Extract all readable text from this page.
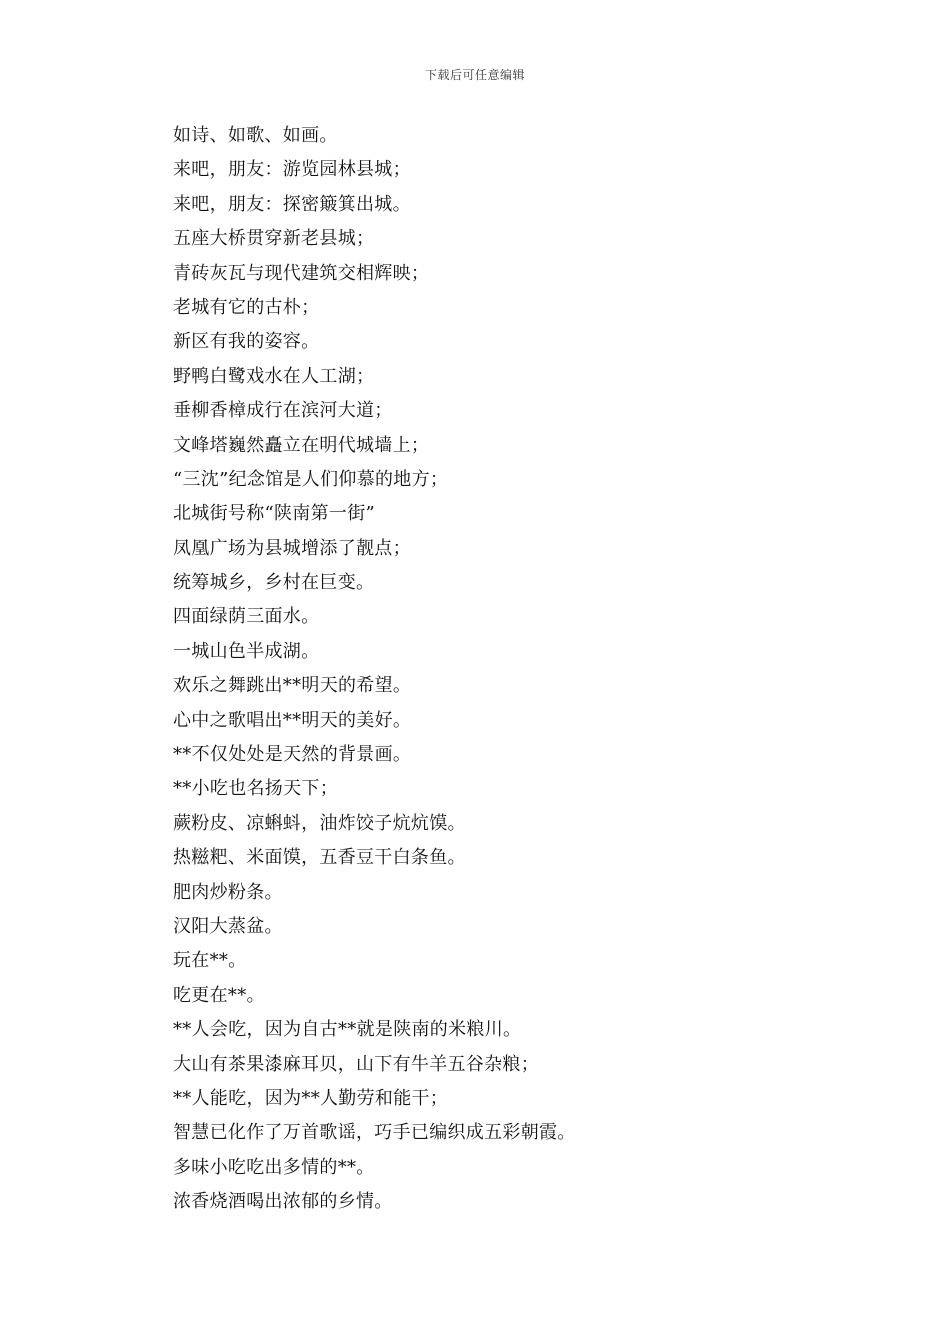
下载后可任意编辑
如诗、如歌、如画。
来吧，朋友：游览园林县城；
来吧，朋友：探密簸箕出城。
五座大桥贯穿新老县城；
青砖灰瓦与现代建筑交相辉映；
老城有它的古朴；
新区有我的姿容。
野鸭白鹭戏水在人工湖；
垂柳香樟成行在滨河大道；
文峰塔巍然矗立在明代城墙上；
“三沈”纪念馆是人们仰慕的地方；
北城街号称“陕南第一街”
凤凰广场为县城增添了靓点；
统筹城乡，乡村在巨变。
四面绿荫三面水。
一城山色半成湖。
欢乐之舞跳出**明天的希望。
心中之歌唱出**明天的美好。
**不仅处处是天然的背景画。
**小吃也名扬天下；
蕨粉皮、凉蝌蚪，油炸饺子炕炕馍。
热糍粑、米面馍，五香豆干白条鱼。
肥肉炒粉条。
汉阳大蒸盆。
玩在**。
吃更在**。
**人会吃，因为自古**就是陕南的米粮川。
大山有茶果漆麻耳贝，山下有牛羊五谷杂粮；
**人能吃，因为**人勤劳和能干；
智慧已化作了万首歌谣，巧手已编织成五彩朝霞。
多味小吃吃出多情的**。
浓香烧酒喝出浓郁的乡情。
